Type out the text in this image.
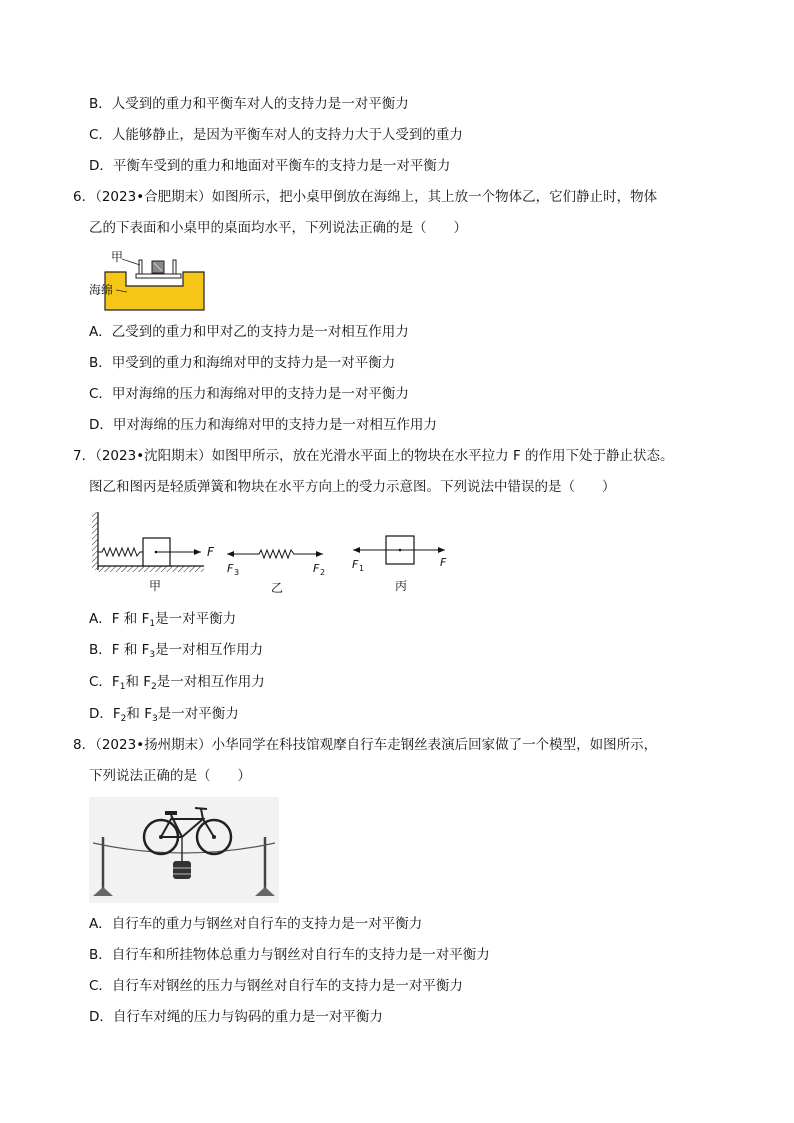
B．人受到的重力和平衡车对人的支持力是一对平衡力
C．人能够静止，是因为平衡车对人的支持力大于人受到的重力
D．平衡车受到的重力和地面对平衡车的支持力是一对平衡力
6．（2023•合肥期末）如图所示，把小桌甲倒放在海绵上，其上放一个物体乙，它们静止时，物体
乙的下表面和小桌甲的桌面均水平，下列说法正确的是（　　）
甲
海绵
A．乙受到的重力和甲对乙的支持力是一对相互作用力
B．甲受到的重力和海绵对甲的支持力是一对平衡力
C．甲对海绵的压力和海绵对甲的支持力是一对平衡力
D．甲对海绵的压力和海绵对甲的支持力是一对相互作用力
7．（2023•沈阳期末）如图甲所示，放在光滑水平面上的物块在水平拉力 F 的作用下处于静止状态。
图乙和图丙是轻质弹簧和物块在水平方向上的受力示意图。下列说法中错误的是（　　）
F
F 3	F 2
F 1	F
甲	乙	丙
A．F 和 $F_1$是一对平衡力
B．F 和 $F_3$是一对相互作用力
C．$F_1$和 $F_2$是一对相互作用力
D．$F_2$和 $F_3$是一对平衡力
8．（2023•扬州期末）小华同学在科技馆观摩自行车走钢丝表演后回家做了一个模型，如图所示，
下列说法正确的是（　　）
A．自行车的重力与钢丝对自行车的支持力是一对平衡力
B．自行车和所挂物体总重力与钢丝对自行车的支持力是一对平衡力
C．自行车对钢丝的压力与钢丝对自行车的支持力是一对平衡力
D．自行车对绳的压力与钩码的重力是一对平衡力
